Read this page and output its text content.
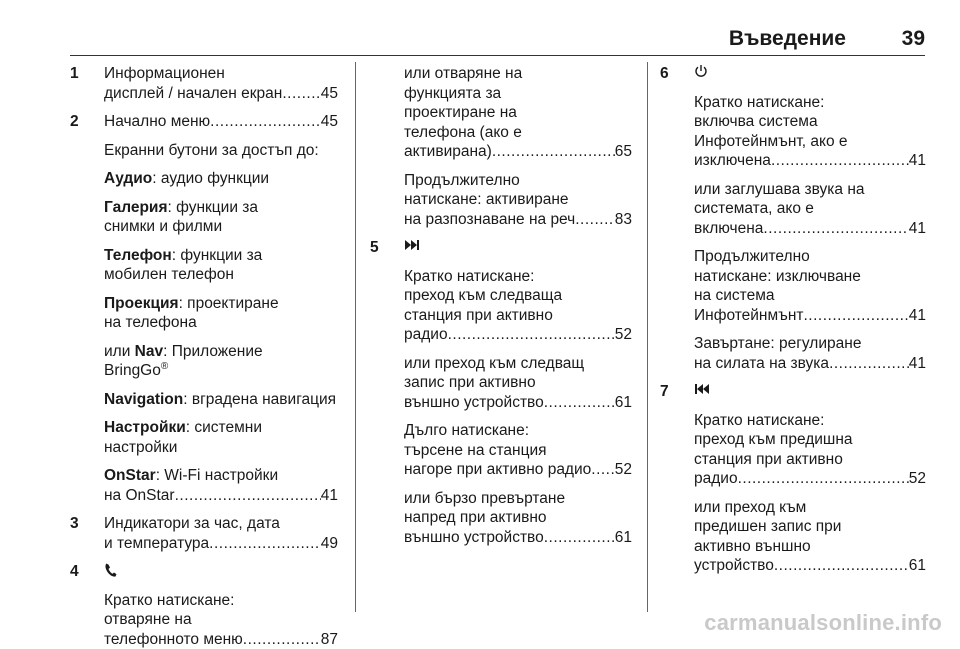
Въведение	39
1 Информационен
дисплей / начален екран ..... 45
2 Начално меню .....	45
Екранни бутони за достъп до:
Аудио: аудио функции
Галерия: функции за
снимки и филми
Телефон: функции за
мобилен телефон
Проекция: проектиране
на телефона
или Nav: Приложение
BringGo®
Navigation: вградена навигация
Настройки: системни
настройки
OnStar: Wi-Fi настройки
на OnStar .....	41
3 Индикатори за час, дата
и температура .....	49
4
Кратко натискане:
отваряне на
телефонното меню .....	87
или отваряне на
функцията за
проектиране на
телефона (ако е
активирана) .....	65
Продължително
натискане: активиране
на разпознаване на реч .....	83
5
Кратко натискане:
преход към следваща
станция при активно
радио .....	52
или преход към следващ
запис при активно
външно устройство .....	61
Дълго натискане:
търсене на станция
нагоре при активно радио ..... 52
или бързо превъртане
напред при активно
външно устройство .....	61
6
Кратко натискане:
включва система
Инфотейнмънт, ако е
изключена .....	41
или заглушава звука на
системата, ако е
включена .....	41
Продължително
натискане: изключване
на система
Инфотейнмънт .....	41
Завъртане: регулиране
на силата на звука .....	41
7
Кратко натискане:
преход към предишна
станция при активно
радио .....	52
или преход към
предишен запис при
активно външно
устройство .....	61
carmanualsonline.info
